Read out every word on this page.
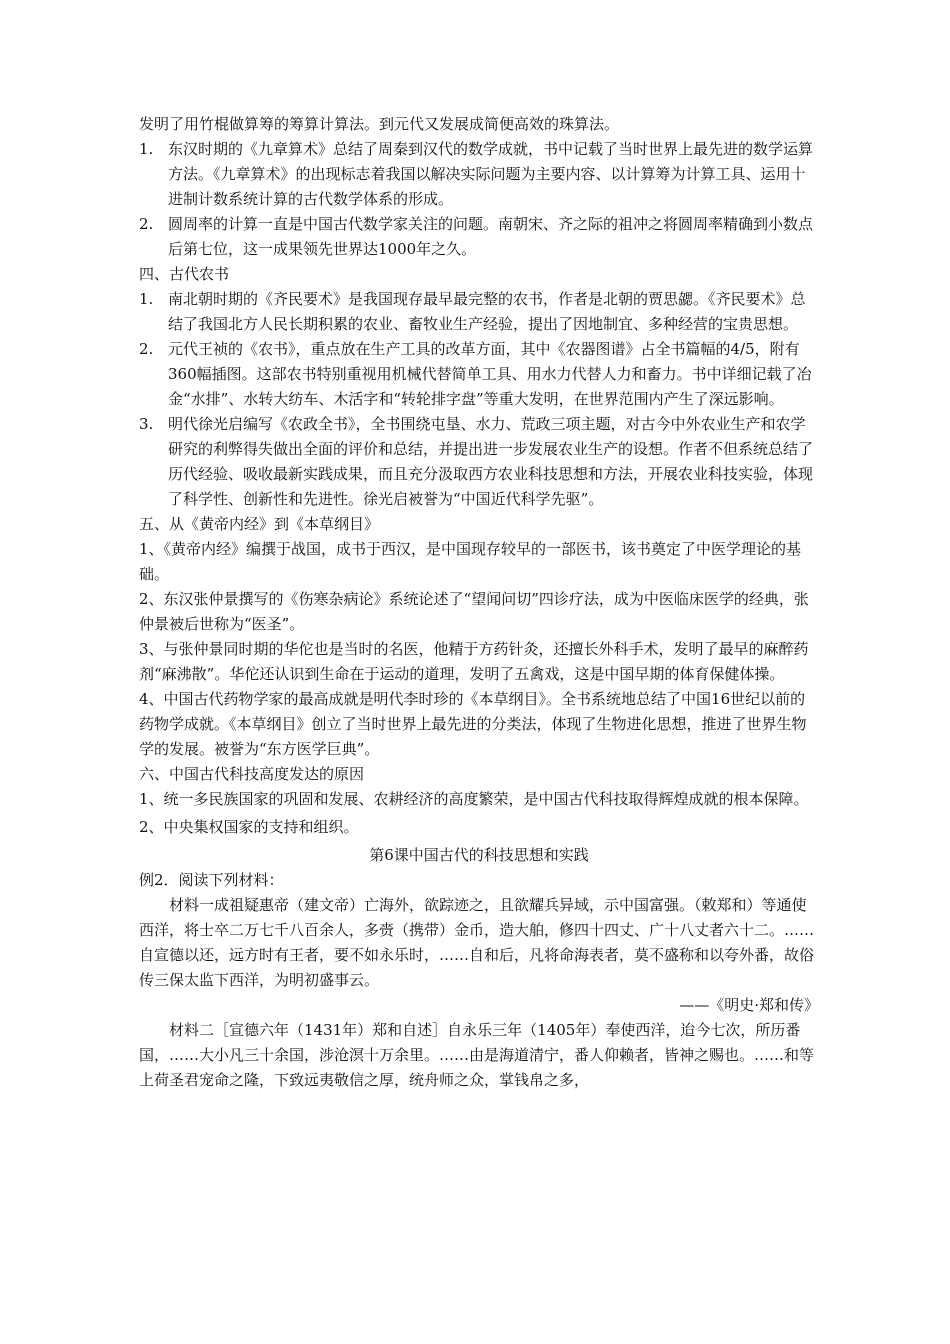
发明了用竹棍做算筹的筹算计算法。到元代又发展成简便高效的珠算法。

1. 东汉时期的《九章算术》总结了周秦到汉代的数学成就，书中记载了当时世界上最先进的数学运算方法。《九章算术》的出现标志着我国以解决实际问题为主要内容、以计算筹为计算工具、运用十进制计数系统计算的古代数学体系的形成。
2. 圆周率的计算一直是中国古代数学家关注的问题。南朝宋、齐之际的祖冲之将圆周率精确到小数点后第七位，这一成果领先世界达1000年之久。

四、古代农书

1. 南北朝时期的《齐民要术》是我国现存最早最完整的农书，作者是北朝的贾思勰。《齐民要术》总结了我国北方人民长期积累的农业、畜牧业生产经验，提出了因地制宜、多种经营的宝贵思想。
2. 元代王祯的《农书》，重点放在生产工具的改革方面，其中《农器图谱》占全书篇幅的4/5，附有360幅插图。这部农书特别重视用机械代替简单工具、用水力代替人力和畜力。书中详细记载了冶金“水排”、水转大纺车、木活字和“转轮排字盘”等重大发明，在世界范围内产生了深远影响。
3. 明代徐光启编写《农政全书》，全书围绕屯垦、水力、荒政三项主题，对古今中外农业生产和农学研究的利弊得失做出全面的评价和总结，并提出进一步发展农业生产的设想。作者不但系统总结了历代经验、吸收最新实践成果，而且充分汲取西方农业科技思想和方法，开展农业科技实验，体现了科学性、创新性和先进性。徐光启被誉为“中国近代科学先驱”。

五、从《黄帝内经》到《本草纲目》

1、《黄帝内经》编撰于战国，成书于西汉，是中国现存较早的一部医书，该书奠定了中医学理论的基础。

2、东汉张仲景撰写的《伤寒杂病论》系统论述了“望闻问切”四诊疗法，成为中医临床医学的经典，张仲景被后世称为“医圣”。

3、与张仲景同时期的华佗也是当时的名医，他精于方药针灸，还擅长外科手术，发明了最早的麻醉药剂“麻沸散”。华佗还认识到生命在于运动的道理，发明了五禽戏，这是中国早期的体育保健体操。

4、中国古代药物学家的最高成就是明代李时珍的《本草纲目》。全书系统地总结了中国16世纪以前的药物学成就。《本草纲目》创立了当时世界上最先进的分类法，体现了生物进化思想，推进了世界生物学的发展。被誉为“东方医学巨典”。

六、中国古代科技高度发达的原因

1、统一多民族国家的巩固和发展、农耕经济的高度繁荣，是中国古代科技取得辉煌成就的根本保障。

2、中央集权国家的支持和组织。

第6课中国古代的科技思想和实践

例2．阅读下列材料：

材料一成祖疑惠帝（建文帝）亡海外，欲踪迹之，且欲耀兵异域，示中国富强。（敕郑和）等通使西洋，将士卒二万七千八百余人，多赍（携带）金币，造大舶，修四十四丈、广十八丈者六十二。……自宣德以还，远方时有王者，要不如永乐时，……自和后，凡将命海表者，莫不盛称和以夸外番，故俗传三保太监下西洋，为明初盛事云。

——《明史·郑和传》

材料二［宣德六年（1431年）郑和自述］自永乐三年（1405年）奉使西洋，迨今七次，所历番国，……大小凡三十余国，涉沧溟十万余里。……由是海道清宁，番人仰赖者，皆神之赐也。……和等上荷圣君宠命之隆，下致远夷敬信之厚，统舟师之众，掌钱帛之多，
